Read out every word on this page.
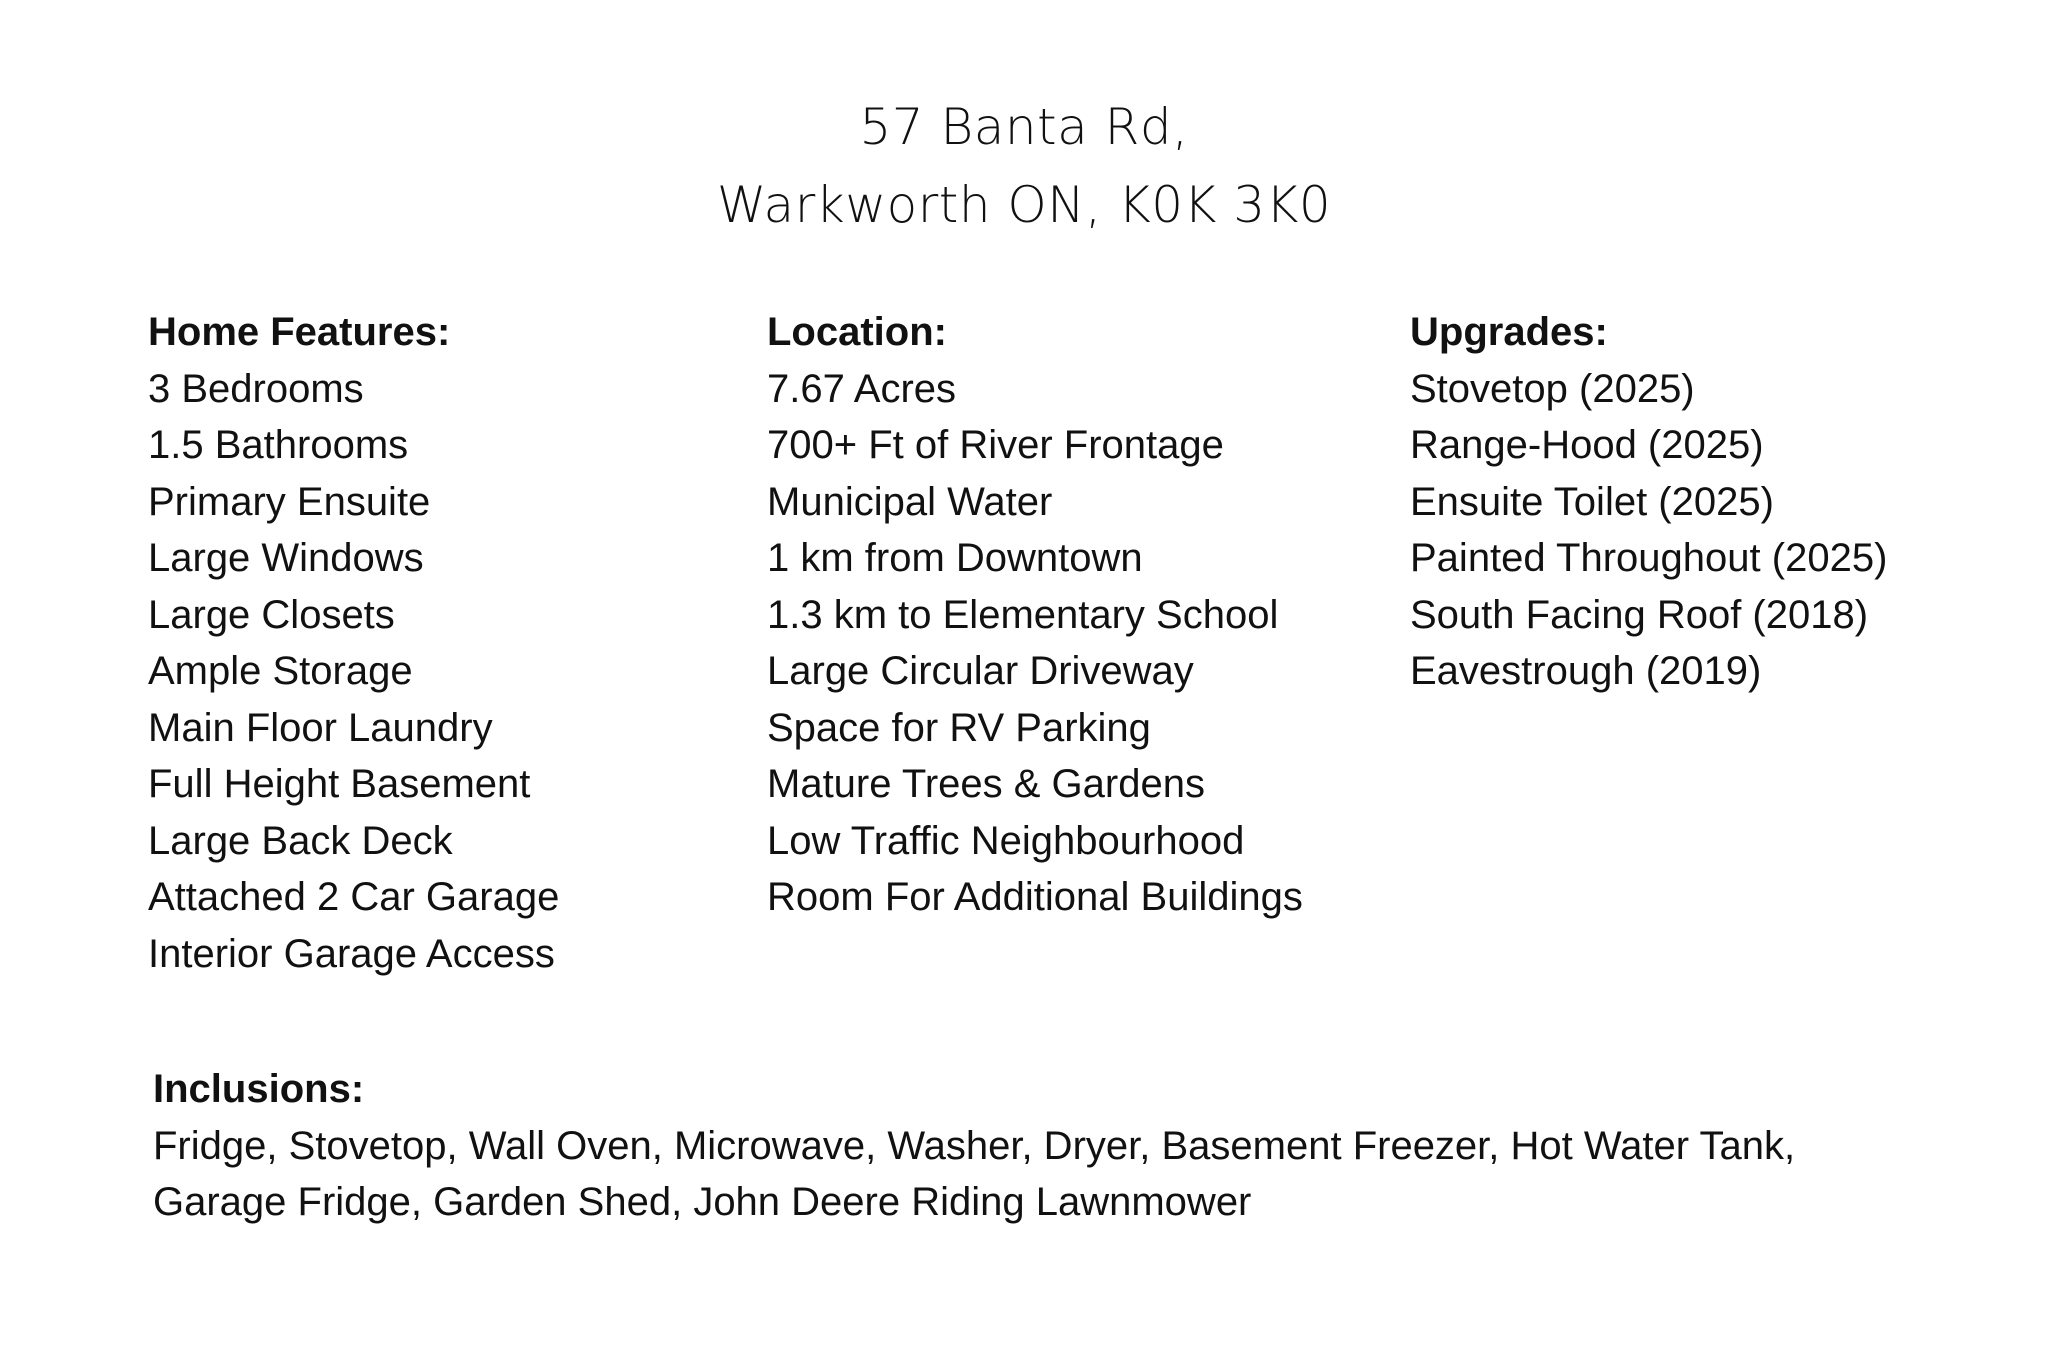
57 Banta Rd,
Warkworth ON, K0K 3K0
Home Features:
3 Bedrooms
1.5 Bathrooms
Primary Ensuite
Large Windows
Large Closets
Ample Storage
Main Floor Laundry
Full Height Basement
Large Back Deck
Attached 2 Car Garage
Interior Garage Access
Location:
7.67 Acres
700+ Ft of River Frontage
Municipal Water
1 km from Downtown
1.3 km to Elementary School
Large Circular Driveway
Space for RV Parking
Mature Trees & Gardens
Low Traffic Neighbourhood
Room For Additional Buildings
Upgrades:
Stovetop (2025)
Range-Hood (2025)
Ensuite Toilet (2025)
Painted Throughout (2025)
South Facing Roof (2018)
Eavestrough (2019)
Inclusions:
Fridge, Stovetop, Wall Oven, Microwave, Washer, Dryer, Basement Freezer, Hot Water Tank,
Garage Fridge, Garden Shed, John Deere Riding Lawnmower
